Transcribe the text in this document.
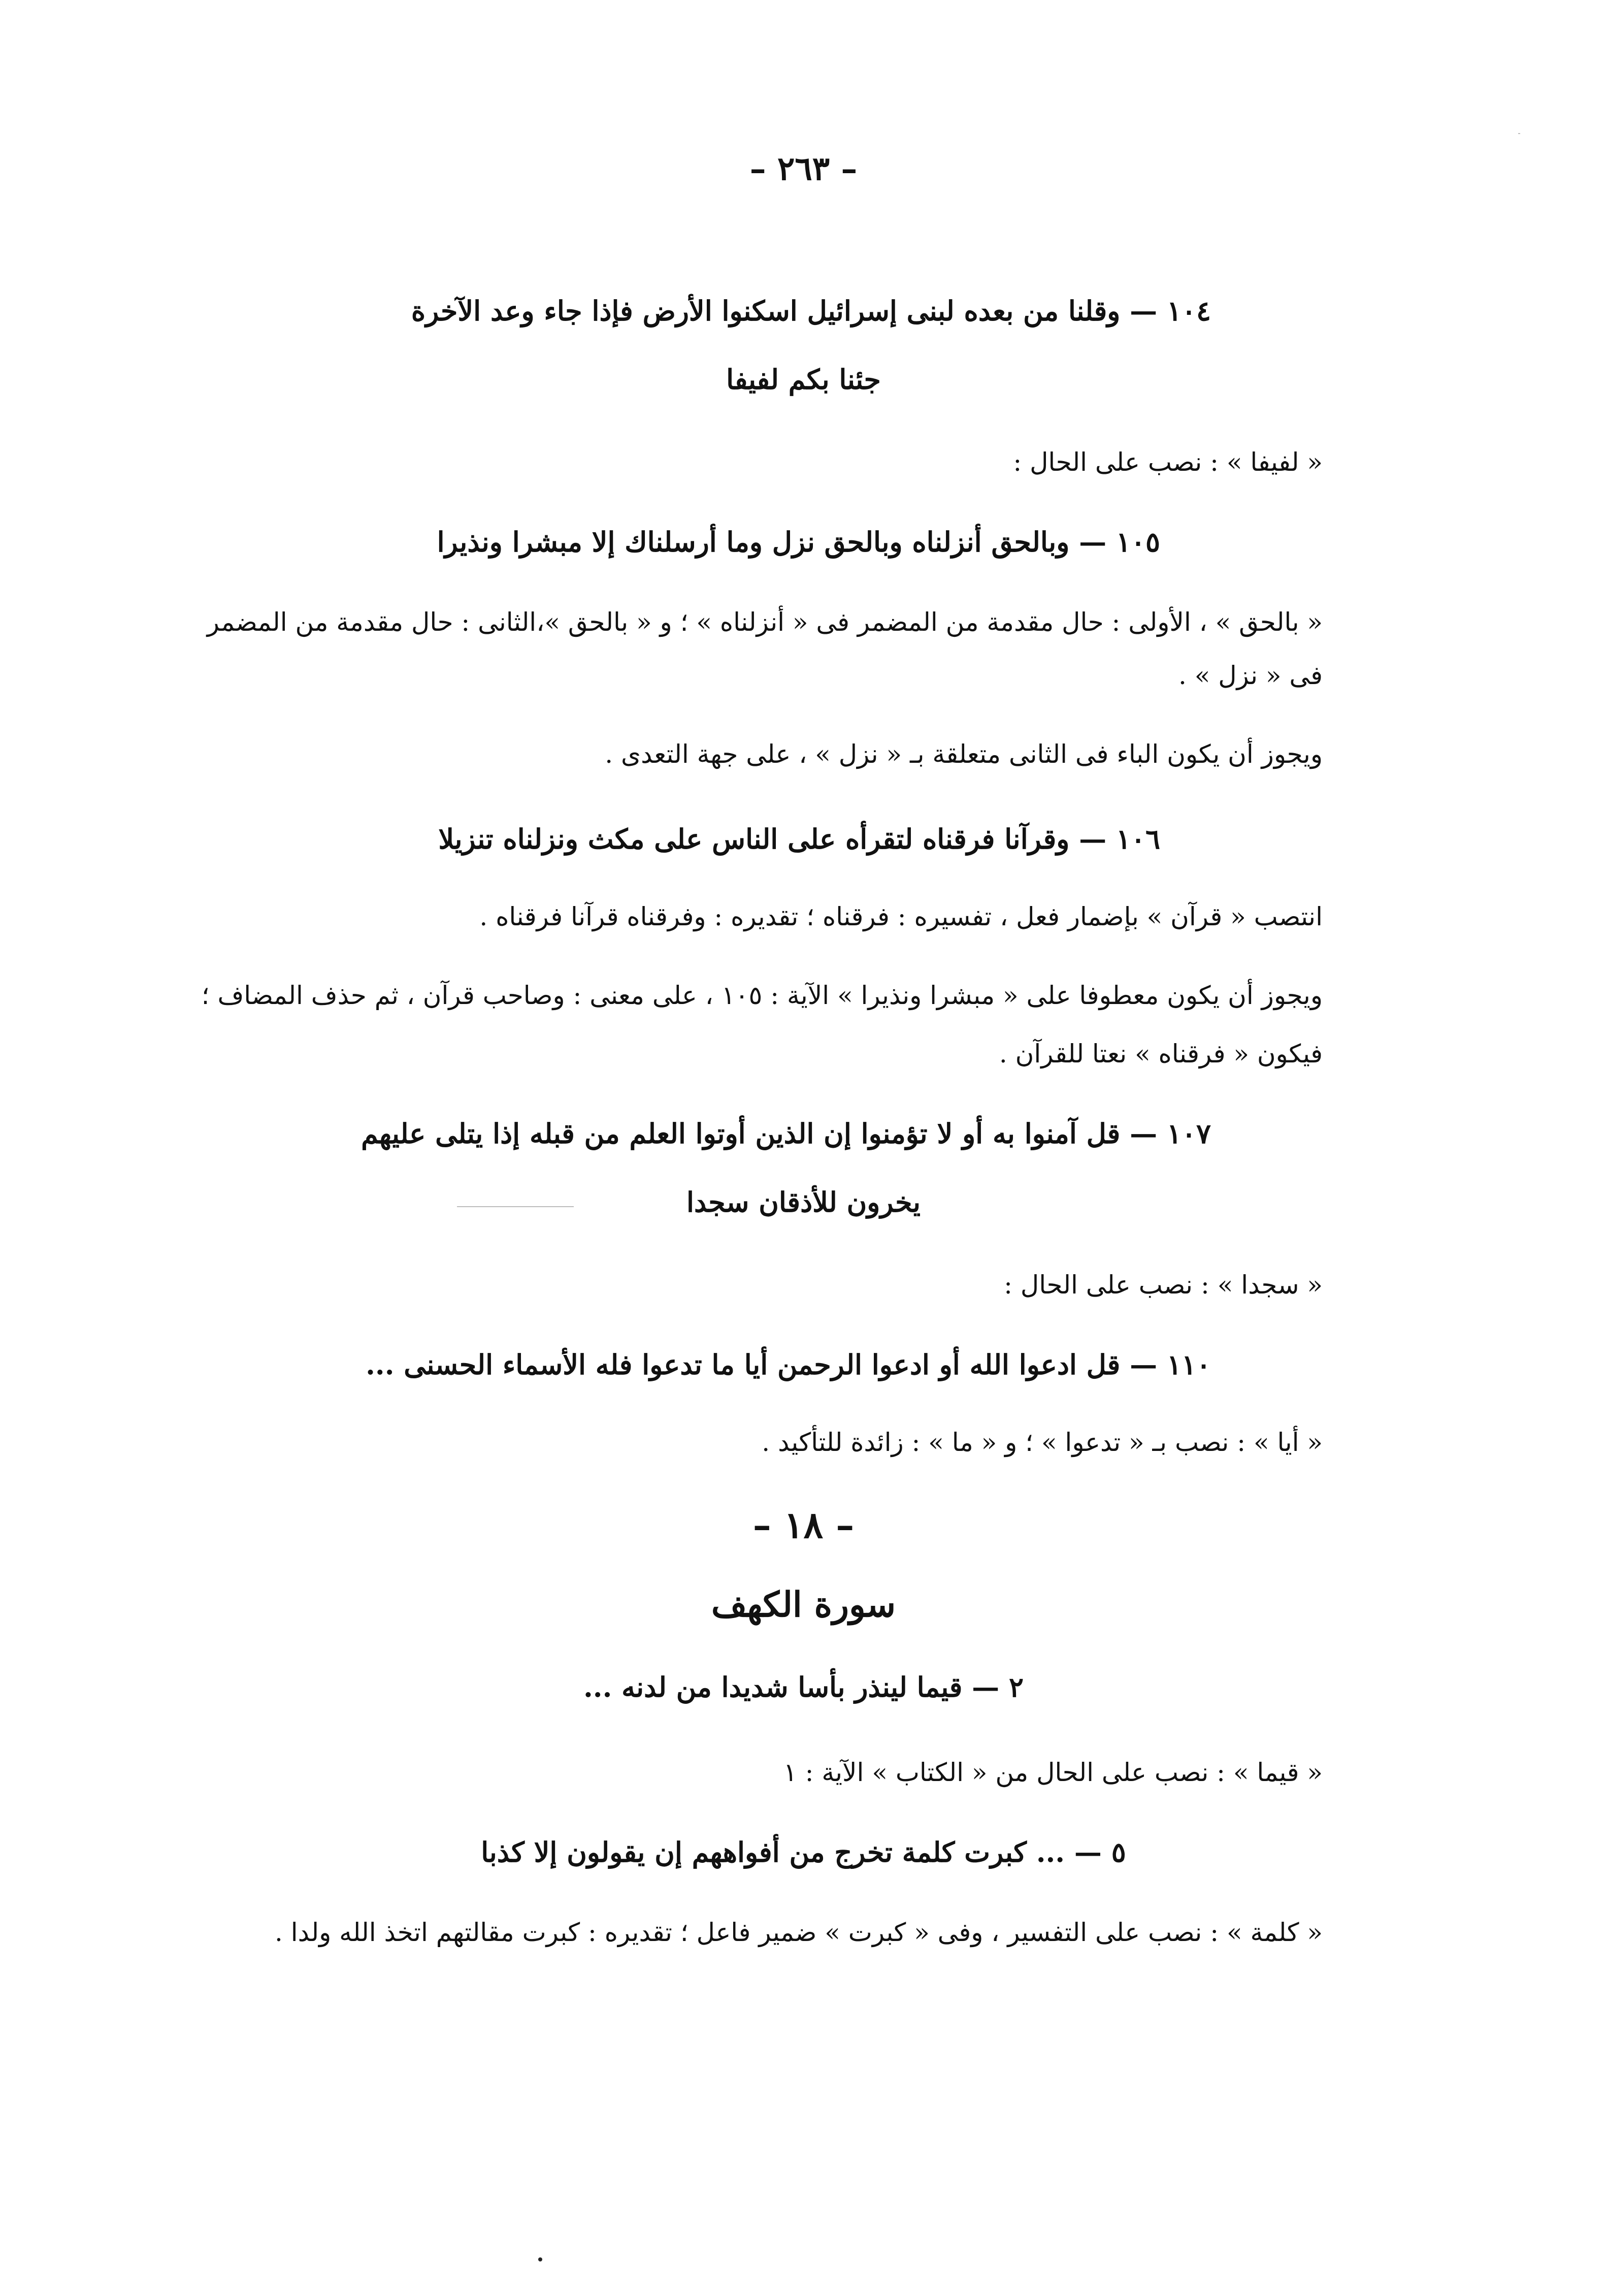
– ٢٦٣ –
١٠٤ — وقلنا من بعده لبنى إسرائيل اسكنوا الأرض فإذا جاء وعد الآخرة
جئنا بكم لفيفا
« لفيفا » : نصب على الحال :
١٠٥ — وبالحق أنزلناه وبالحق نزل وما أرسلناك إلا مبشرا ونذيرا
« بالحق » ، الأولى : حال مقدمة من المضمر فى « أنزلناه » ؛ و « بالحق »،الثانى : حال مقدمة من المضمر
فى « نزل » .
ويجوز أن يكون الباء فى الثانى متعلقة بـ « نزل » ، على جهة التعدى .
١٠٦ — وقرآنا فرقناه لتقرأه على الناس على مكث ونزلناه تنزيلا
انتصب « قرآن » بإضمار فعل ، تفسيره : فرقناه ؛ تقديره : وفرقناه قرآنا فرقناه .
ويجوز أن يكون معطوفا على « مبشرا ونذيرا » الآية : ١٠٥ ، على معنى : وصاحب قرآن ، ثم حذف المضاف ؛
فيكون « فرقناه » نعتا للقرآن .
١٠٧ — قل آمنوا به أو لا تؤمنوا إن الذين أوتوا العلم من قبله إذا يتلى عليهم
يخرون للأذقان سجدا
« سجدا » : نصب على الحال :
١١٠ — قل ادعوا الله أو ادعوا الرحمن أيا ما تدعوا فله الأسماء الحسنى ...
« أيا » : نصب بـ « تدعوا » ؛ و « ما » : زائدة للتأكيد .
– ١٨ –
سورة الكهف
٢ — قيما لينذر بأسا شديدا من لدنه ...
« قيما » : نصب على الحال من « الكتاب » الآية : ١
٥ — ... كبرت كلمة تخرج من أفواههم إن يقولون إلا كذبا
« كلمة » : نصب على التفسير ، وفى « كبرت » ضمير فاعل ؛ تقديره : كبرت مقالتهم اتخذ الله ولدا .
